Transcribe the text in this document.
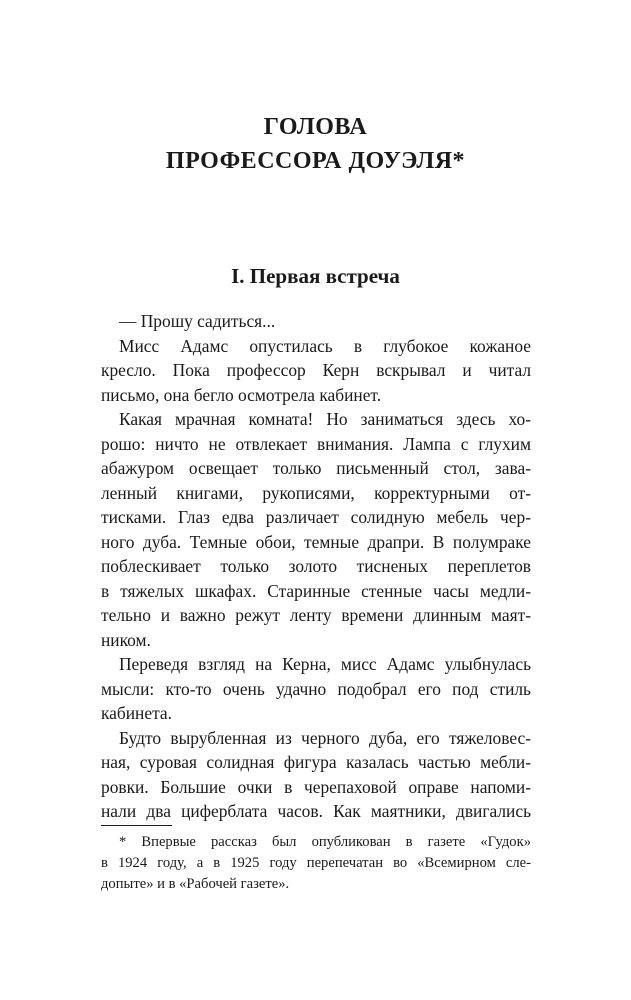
ГОЛОВА
ПРОФЕССОРА ДОУЭЛЯ*
I. Первая встреча
— Прошу садиться...
Мисс Адамс опустилась в глубокое кожаное
кресло. Пока профессор Керн вскрывал и читал
письмо, она бегло осмотрела кабинет.
Какая мрачная комната! Но заниматься здесь хо-
рошо: ничто не отвлекает внимания. Лампа с глухим
абажуром освещает только письменный стол, зава-
ленный книгами, рукописями, корректурными от-
тисками. Глаз едва различает солидную мебель чер-
ного дуба. Темные обои, темные драпри. В полумраке
поблескивает только золото тисненых переплетов
в тяжелых шкафах. Старинные стенные часы медли-
тельно и важно режут ленту времени длинным маят-
ником.
Переведя взгляд на Керна, мисс Адамс улыбнулась
мысли: кто-то очень удачно подобрал его под стиль
кабинета.
Будто вырубленная из черного дуба, его тяжеловес-
ная, суровая солидная фигура казалась частью мебли-
ровки. Большие очки в черепаховой оправе напоми-
нали два циферблата часов. Как маятники, двигались
* Впервые рассказ был опубликован в газете «Гудок»
в 1924 году, а в 1925 году перепечатан во «Всемирном сле-
допыте» и в «Рабочей газете».
